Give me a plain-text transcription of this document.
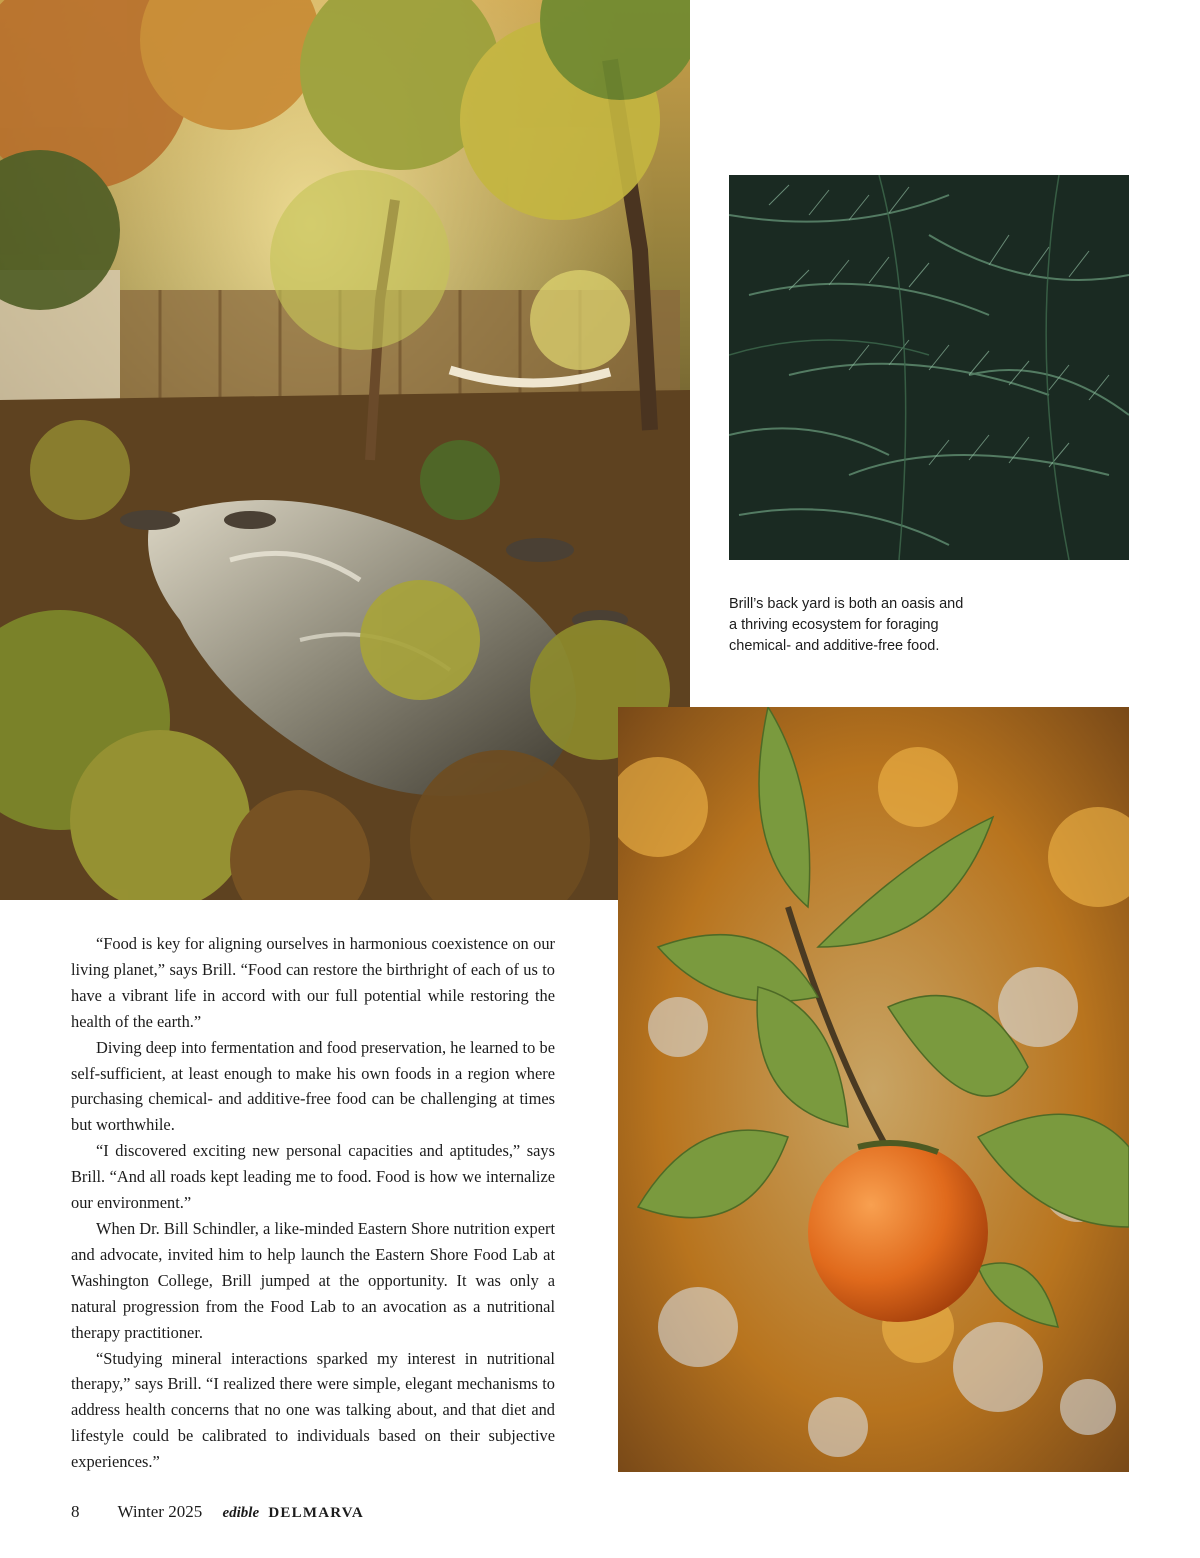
Brill’s back yard is both an oasis and
a thriving ecosystem for foraging
chemical- and additive-free food.

“Food is key for aligning ourselves in harmonious coexistence on our living planet,” says Brill. “Food can restore the birthright of each of us to have a vibrant life in accord with our full potential while restoring the health of the earth.”

Diving deep into fermentation and food preservation, he learned to be self-sufficient, at least enough to make his own foods in a region where purchasing chemical- and additive-free food can be challenging at times but worthwhile.

“I discovered exciting new personal capacities and aptitudes,” says Brill. “And all roads kept leading me to food. Food is how we internalize our environment.”

When Dr. Bill Schindler, a like-minded Eastern Shore nutrition expert and advocate, invited him to help launch the Eastern Shore Food Lab at Washington College, Brill jumped at the opportunity. It was only a natural progression from the Food Lab to an avocation as a nutritional therapy practitioner.

“Studying mineral interactions sparked my interest in nutritional therapy,” says Brill. “I realized there were simple, elegant mechanisms to address health concerns that no one was talking about, and that diet and lifestyle could be calibrated to individuals based on their subjective experiences.”

8 Winter 2025 edible DELMARVA
